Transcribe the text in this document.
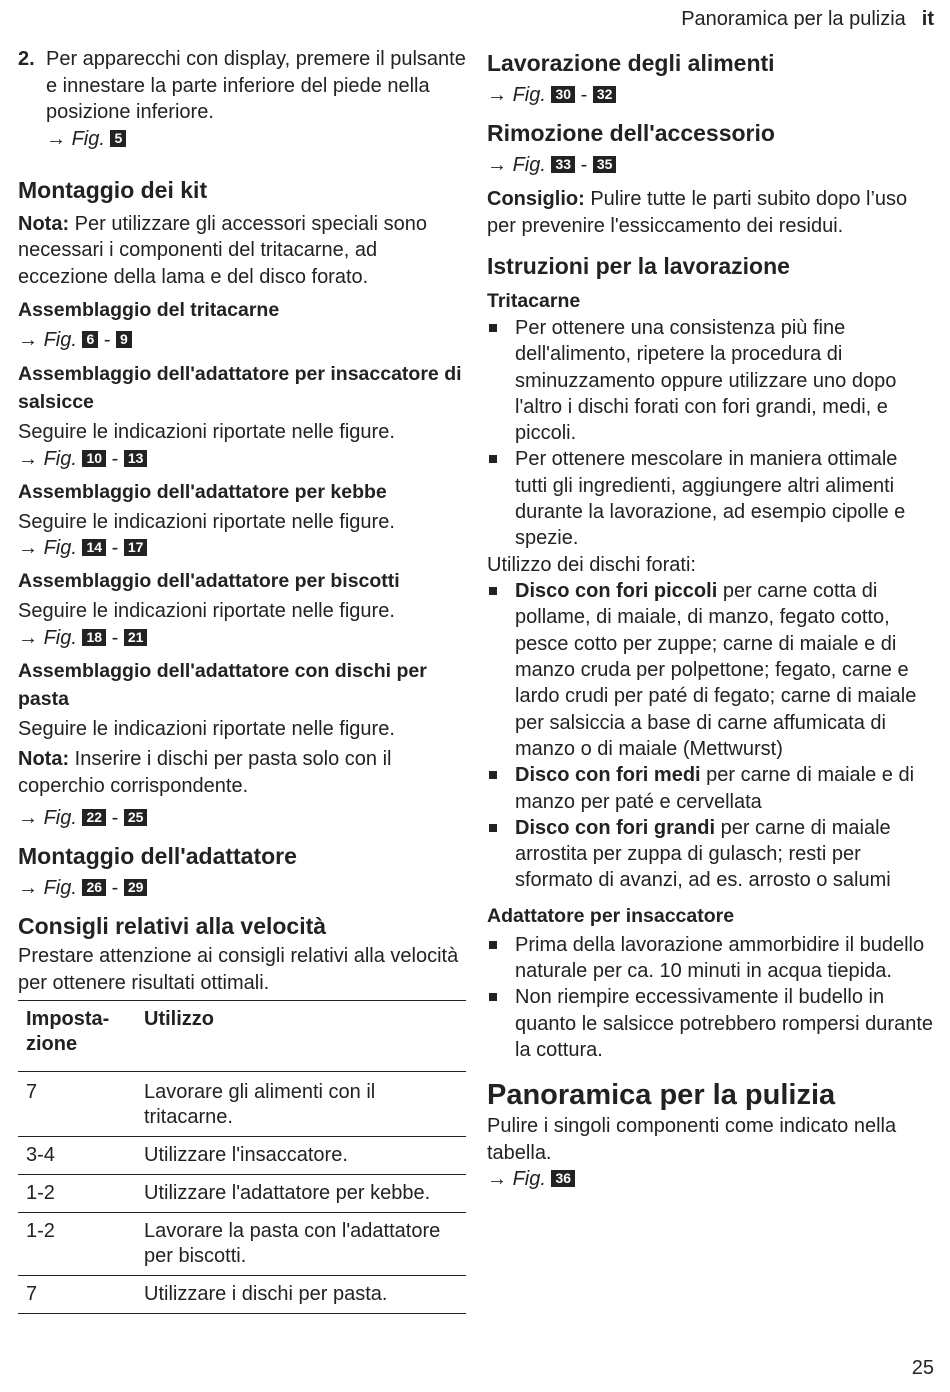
Panoramica per la pulizia it
2. Per apparecchi con display, premere il pulsante e innestare la parte inferiore del piede nella posizione inferiore.

→ Fig. 5
Montaggio dei kit

Nota: Per utilizzare gli accessori speciali sono necessari i componenti del tritacarne, ad eccezione della lama e del disco forato.

Assemblaggio del tritacarne
→ Fig. 6 - 9
Assemblaggio dell'adattatore per insaccatore di salsicce

Seguire le indicazioni riportate nelle figure.

→ Fig. 10 - 13
Assemblaggio dell'adattatore per kebbe

Seguire le indicazioni riportate nelle figure.

→ Fig. 14 - 17
Assemblaggio dell'adattatore per biscotti

Seguire le indicazioni riportate nelle figure.

→ Fig. 18 - 21
Assemblaggio dell'adattatore con dischi per pasta

Seguire le indicazioni riportate nelle figure.

Nota: Inserire i dischi per pasta solo con il coperchio corrispondente.

→ Fig. 22 - 25
Montaggio dell'adattatore
→ Fig. 26 - 29
Consigli relativi alla velocità

Prestare attenzione ai consigli relativi alla velocità per ottenere risultati ottimali.

Imposta-zione	Utilizzo
7	Lavorare gli alimenti con il tritacarne.
3-4	Utilizzare l'insaccatore.
1-2	Utilizzare l'adattatore per kebbe.
1-2	Lavorare la pasta con l'adattatore per biscotti.
7	Utilizzare i dischi per pasta.
Lavorazione degli alimenti
→ Fig. 30 - 32
Rimozione dell'accessorio
→ Fig. 33 - 35

Consiglio: Pulire tutte le parti subito dopo l’uso per prevenire l'essiccamento dei residui.

Istruzioni per la lavorazione
Tritacarne
Per ottenere una consistenza più fine dell'alimento, ripetere la procedura di sminuzzamento oppure utilizzare uno dopo l'altro i dischi forati con fori grandi, medi, e piccoli.
Per ottenere mescolare in maniera ottimale tutti gli ingredienti, aggiungere altri alimenti durante la lavorazione, ad esempio cipolle e spezie.

Utilizzo dei dischi forati:

Disco con fori piccoli per carne cotta di pollame, di maiale, di manzo, fegato cotto, pesce cotto per zuppe; carne di maiale e di manzo cruda per polpettone; fegato, carne e lardo crudi per paté di fegato; carne di maiale per salsiccia a base di carne affumicata di manzo o di maiale (Mettwurst)
Disco con fori medi per carne di maiale e di manzo per paté e cervellata
Disco con fori grandi per carne di maiale arrostita per zuppa di gulasch; resti per sformato di avanzi, ad es. arrosto o salumi
Adattatore per insaccatore
Prima della lavorazione ammorbidire il budello naturale per ca. 10 minuti in acqua tiepida.
Non riempire eccessivamente il budello in quanto le salsicce potrebbero rompersi durante la cottura.
Panoramica per la pulizia

Pulire i singoli componenti come indicato nella tabella.

→ Fig. 36
25
